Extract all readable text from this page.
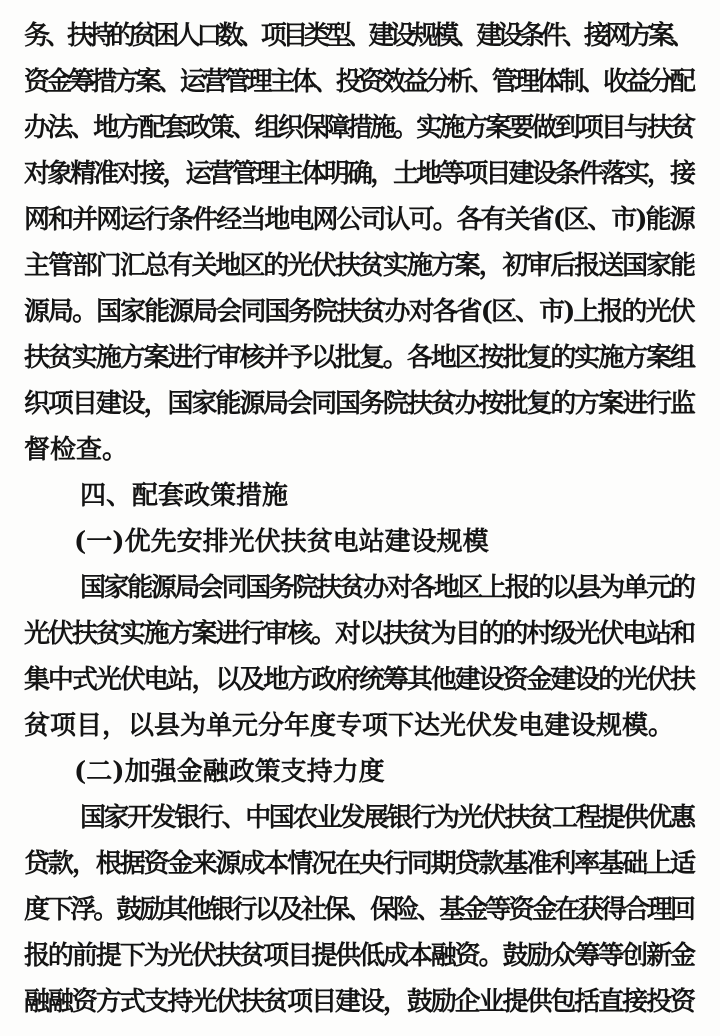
务、扶持的贫困人口数、项目类型、建设规模、建设条件、接网方案、
资金筹措方案、运营管理主体、投资效益分析、管理体制、收益分配
办法、地方配套政策、组织保障措施。实施方案要做到项目与扶贫
对象精准对接，运营管理主体明确，土地等项目建设条件落实，接
网和并网运行条件经当地电网公司认可。各有关省(区、市)能源
主管部门汇总有关地区的光伏扶贫实施方案，初审后报送国家能
源局。国家能源局会同国务院扶贫办对各省(区、市)上报的光伏
扶贫实施方案进行审核并予以批复。各地区按批复的实施方案组
织项目建设，国家能源局会同国务院扶贫办按批复的方案进行监
督检查。
四、配套政策措施
(一)优先安排光伏扶贫电站建设规模
国家能源局会同国务院扶贫办对各地区上报的以县为单元的
光伏扶贫实施方案进行审核。对以扶贫为目的的村级光伏电站和
集中式光伏电站，以及地方政府统筹其他建设资金建设的光伏扶
贫项目，以县为单元分年度专项下达光伏发电建设规模。
(二)加强金融政策支持力度
国家开发银行、中国农业发展银行为光伏扶贫工程提供优惠
贷款，根据资金来源成本情况在央行同期贷款基准利率基础上适
度下浮。鼓励其他银行以及社保、保险、基金等资金在获得合理回
报的前提下为光伏扶贫项目提供低成本融资。鼓励众筹等创新金
融融资方式支持光伏扶贫项目建设，鼓励企业提供包括直接投资
